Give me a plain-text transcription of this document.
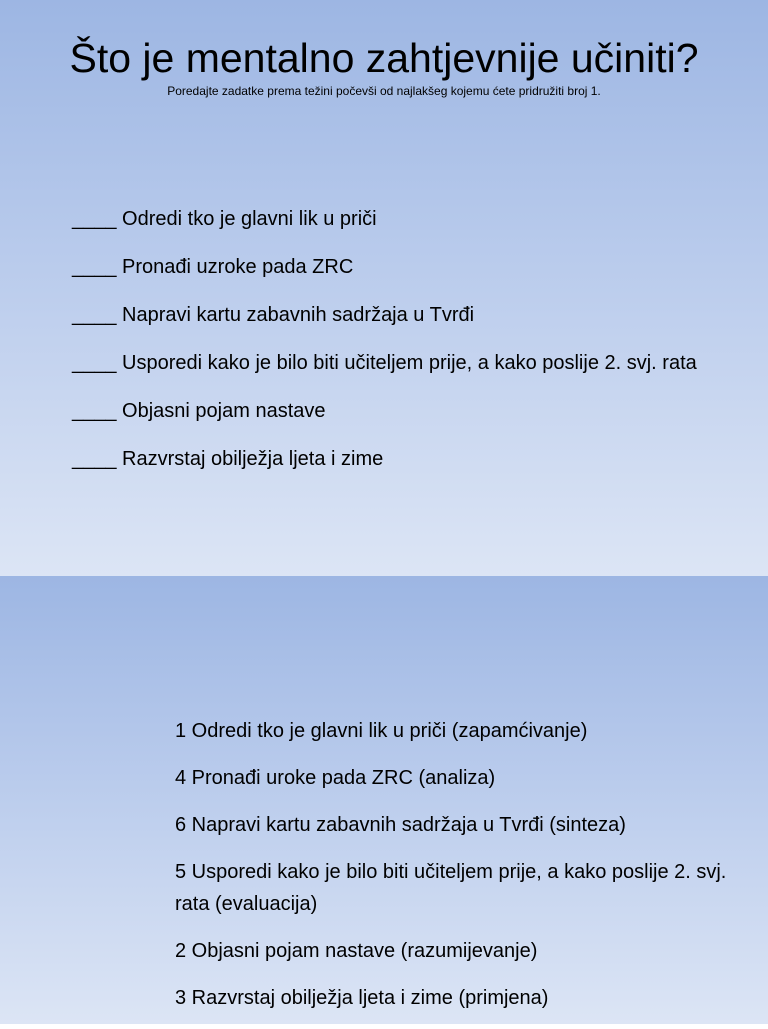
Što je mentalno zahtjevnije učiniti?
Poredajte zadatke prema težini počevši od najlakšeg kojemu ćete pridružiti broj 1.
____ Odredi tko je glavni lik u priči
____ Pronađi uzroke pada ZRC
____ Napravi kartu zabavnih sadržaja u Tvrđi
____ Usporedi kako je bilo biti učiteljem prije, a kako poslije 2. svj. rata
____ Objasni pojam nastave
____ Razvrstaj obilježja ljeta i zime
1 Odredi tko je glavni lik u priči (zapamćivanje)
4 Pronađi uroke pada ZRC (analiza)
6 Napravi kartu zabavnih sadržaja u Tvrđi (sinteza)
5 Usporedi kako je bilo biti učiteljem prije, a kako poslije 2. svj. rata (evaluacija)
2 Objasni pojam nastave (razumijevanje)
3 Razvrstaj obilježja ljeta i zime (primjena)
